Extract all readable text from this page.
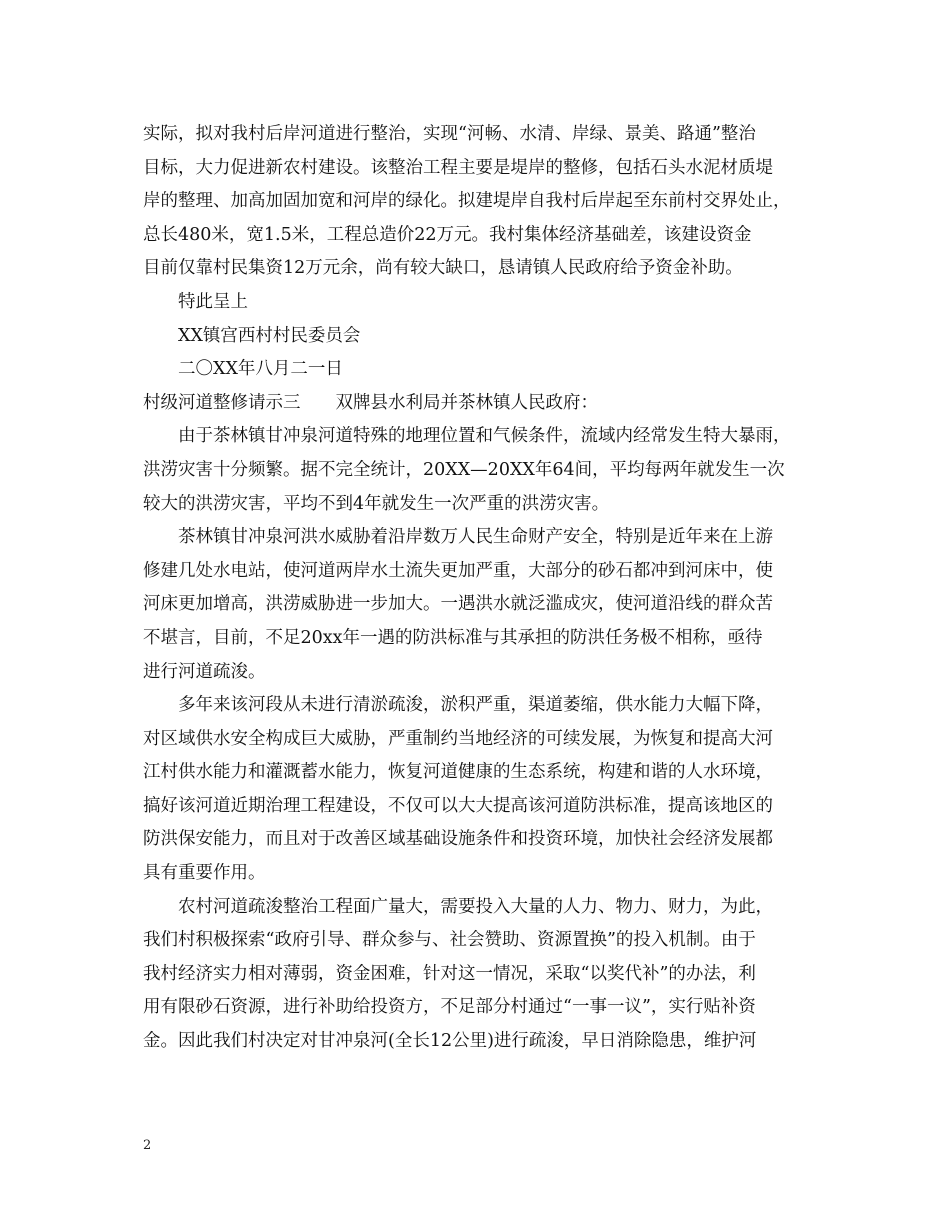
实际，拟对我村后岸河道进行整治，实现“河畅、水清、岸绿、景美、路通”整治
目标，大力促进新农村建设。该整治工程主要是堤岸的整修，包括石头水泥材质堤
岸的整理、加高加固加宽和河岸的绿化。拟建堤岸自我村后岸起至东前村交界处止，
总长480米，宽1.5米，工程总造价22万元。我村集体经济基础差，该建设资金
目前仅靠村民集资12万元余，尚有较大缺口，恳请镇人民政府给予资金补助。
特此呈上
XX镇宫西村村民委员会
二〇XX年八月二一日
村级河道整修请示三　　双牌县水利局并茶林镇人民政府：
由于茶林镇甘冲泉河道特殊的地理位置和气候条件，流域内经常发生特大暴雨，
洪涝灾害十分频繁。据不完全统计，20XX—20XX年64间，平均每两年就发生一次
较大的洪涝灾害，平均不到4年就发生一次严重的洪涝灾害。
茶林镇甘冲泉河洪水威胁着沿岸数万人民生命财产安全，特别是近年来在上游
修建几处水电站，使河道两岸水土流失更加严重，大部分的砂石都冲到河床中，使
河床更加增高，洪涝威胁进一步加大。一遇洪水就泛滥成灾，使河道沿线的群众苦
不堪言，目前，不足20xx年一遇的防洪标准与其承担的防洪任务极不相称，亟待
进行河道疏浚。
多年来该河段从未进行清淤疏浚，淤积严重，渠道萎缩，供水能力大幅下降，
对区域供水安全构成巨大威胁，严重制约当地经济的可续发展，为恢复和提高大河
江村供水能力和灌溉蓄水能力，恢复河道健康的生态系统，构建和谐的人水环境，
搞好该河道近期治理工程建设，不仅可以大大提高该河道防洪标准，提高该地区的
防洪保安能力，而且对于改善区域基础设施条件和投资环境，加快社会经济发展都
具有重要作用。
农村河道疏浚整治工程面广量大，需要投入大量的人力、物力、财力，为此，
我们村积极探索“政府引导、群众参与、社会赞助、资源置换”的投入机制。由于
我村经济实力相对薄弱，资金困难，针对这一情况，采取“以奖代补”的办法，利
用有限砂石资源，进行补助给投资方，不足部分村通过“一事一议”，实行贴补资
金。因此我们村决定对甘冲泉河(全长12公里)进行疏浚，早日消除隐患，维护河
2
